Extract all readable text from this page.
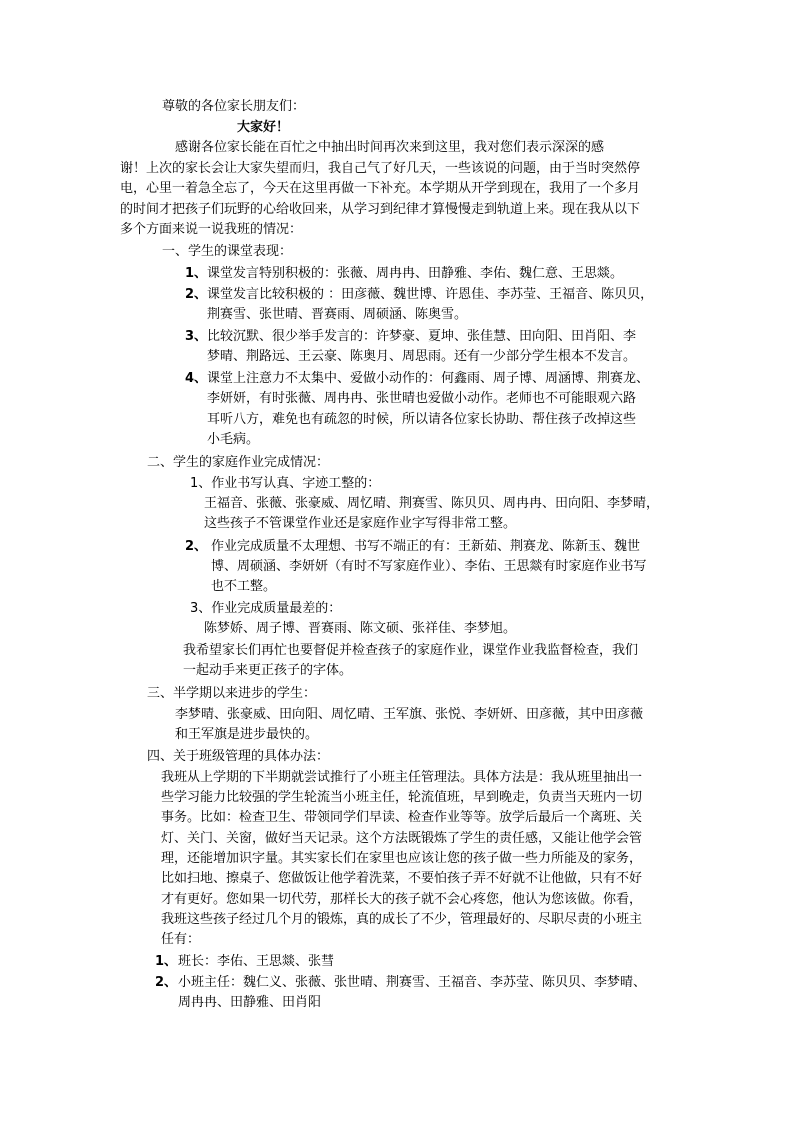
尊敬的各位家长朋友们：

大家好！

感谢各位家长能在百忙之中抽出时间再次来到这里，我对您们表示深深的感

谢！上次的家长会让大家失望而归，我自己气了好几天，一些该说的问题，由于当时突然停

电，心里一着急全忘了，今天在这里再做一下补充。本学期从开学到现在，我用了一个多月

的时间才把孩子们玩野的心给收回来，从学习到纪律才算慢慢走到轨道上来。现在我从以下

多个方面来说一说我班的情况：

一、学生的课堂表现：

1、 课堂发言特别积极的：张薇、周冉冉、田静雅、李佑、魏仁意、王思燚。

2、 课堂发言比较积极的 ：田彦薇、魏世博、许恩佳、李苏莹、王福音、陈贝贝，

荆赛雪、张世晴、晋赛雨、周硕涵、陈奥雪。

3、 比较沉默、很少举手发言的：许梦豪、夏坤、张佳慧、田向阳、田肖阳、李

梦晴、荆路远、王云豪、陈奥月、周思雨。还有一少部分学生根本不发言。

4、 课堂上注意力不太集中、爱做小动作的：何鑫雨、周子博、周涵博、荆赛龙、

李妍妍，有时张薇、周冉冉、张世晴也爱做小动作。老师也不可能眼观六路

耳听八方，难免也有疏忽的时候，所以请各位家长协助、帮住孩子改掉这些

小毛病。

二、学生的家庭作业完成情况：

1、作业书写认真、字迹工整的：

王福音、张薇、张豪威、周忆晴、荆赛雪、陈贝贝、周冉冉、田向阳、李梦晴，

这些孩子不管课堂作业还是家庭作业字写得非常工整。

2、 作业完成质量不太理想、书写不端正的有：王新茹、荆赛龙、陈新玉、魏世

博、周硕涵、李妍妍（有时不写家庭作业）、李佑、王思燚有时家庭作业书写

也不工整。

3、作业完成质量最差的：

陈梦娇、周子博、晋赛雨、陈文硕、张祥佳、李梦旭。

我希望家长们再忙也要督促并检查孩子的家庭作业，课堂作业我监督检查，我们

一起动手来更正孩子的字体。

三、半学期以来进步的学生：

李梦晴、张豪威、田向阳、周忆晴、王军旗、张悦、李妍妍、田彦薇，其中田彦薇

和王军旗是进步最快的。

四、关于班级管理的具体办法：

我班从上学期的下半期就尝试推行了小班主任管理法。具体方法是：我从班里抽出一

些学习能力比较强的学生轮流当小班主任，轮流值班，早到晚走，负责当天班内一切

事务。比如：检查卫生、带领同学们早读、检查作业等等。放学后最后一个离班、关

灯、关门、关窗，做好当天记录。这个方法既锻炼了学生的责任感，又能让他学会管

理，还能增加识字量。其实家长们在家里也应该让您的孩子做一些力所能及的家务，

比如扫地、擦桌子、您做饭让他学着洗菜，不要怕孩子弄不好就不让他做，只有不好

才有更好。您如果一切代劳，那样长大的孩子就不会心疼您，他认为您该做。你看，

我班这些孩子经过几个月的锻炼，真的成长了不少，管理最好的、尽职尽责的小班主

任有：

1、 班长：李佑、王思燚、张彗

2、 小班主任：魏仁义、张薇、张世晴、荆赛雪、王福音、李苏莹、陈贝贝、李梦晴、

周冉冉、田静雅、田肖阳
